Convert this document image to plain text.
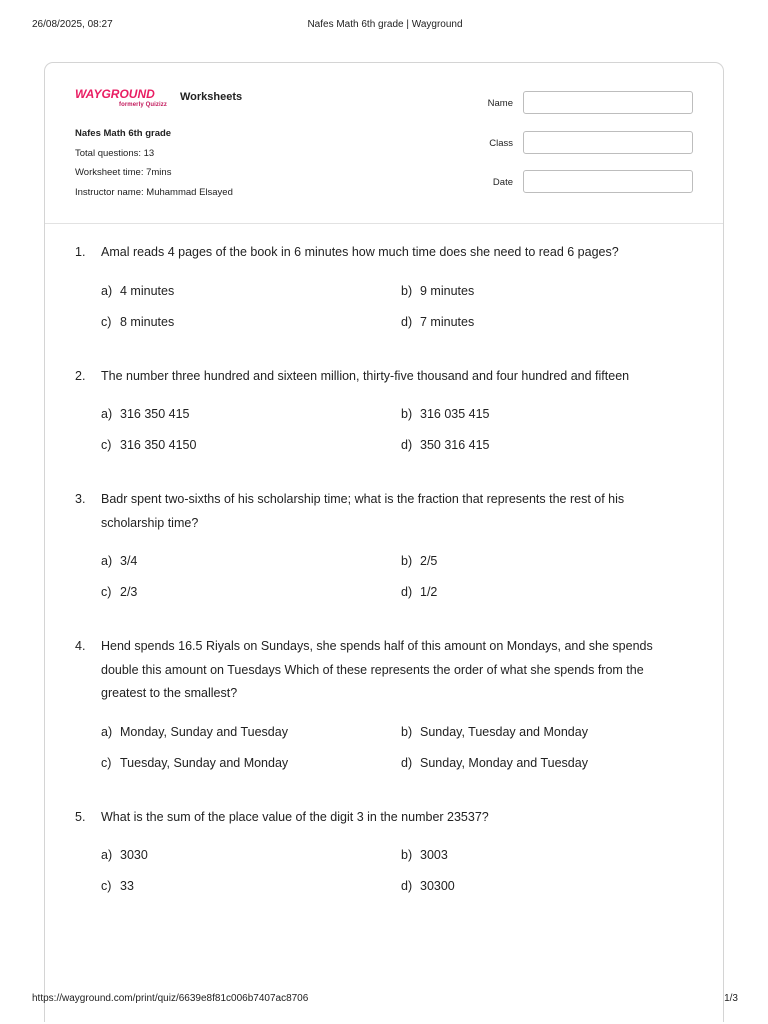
26/08/2025, 08:27	Nafes Math 6th grade | Wayground
WAYGROUND
formerly Quizizz
Worksheets
Nafes Math 6th grade
Total questions: 13
Worksheet time: 7mins
Instructor name: Muhammad Elsayed
Name
Class
Date
1. Amal reads 4 pages of the book in 6 minutes how much time does she need to read 6 pages?
a) 4 minutes	b) 9 minutes
c) 8 minutes	d) 7 minutes
2. The number three hundred and sixteen million, thirty-five thousand and four hundred and fifteen
a) 316 350 415	b) 316 035 415
c) 316 350 4150	d) 350 316 415
3. Badr spent two-sixths of his scholarship time; what is the fraction that represents the rest of his scholarship time?
a) 3/4	b) 2/5
c) 2/3	d) 1/2
4. Hend spends 16.5 Riyals on Sundays, she spends half of this amount on Mondays, and she spends double this amount on Tuesdays Which of these represents the order of what she spends from the greatest to the smallest?
a) Monday, Sunday and Tuesday	b) Sunday, Tuesday and Monday
c) Tuesday, Sunday and Monday	d) Sunday, Monday and Tuesday
5. What is the sum of the place value of the digit 3 in the number 23537?
a) 3030	b) 3003
c) 33	d) 30300
https://wayground.com/print/quiz/6639e8f81c006b7407ac8706	1/3
